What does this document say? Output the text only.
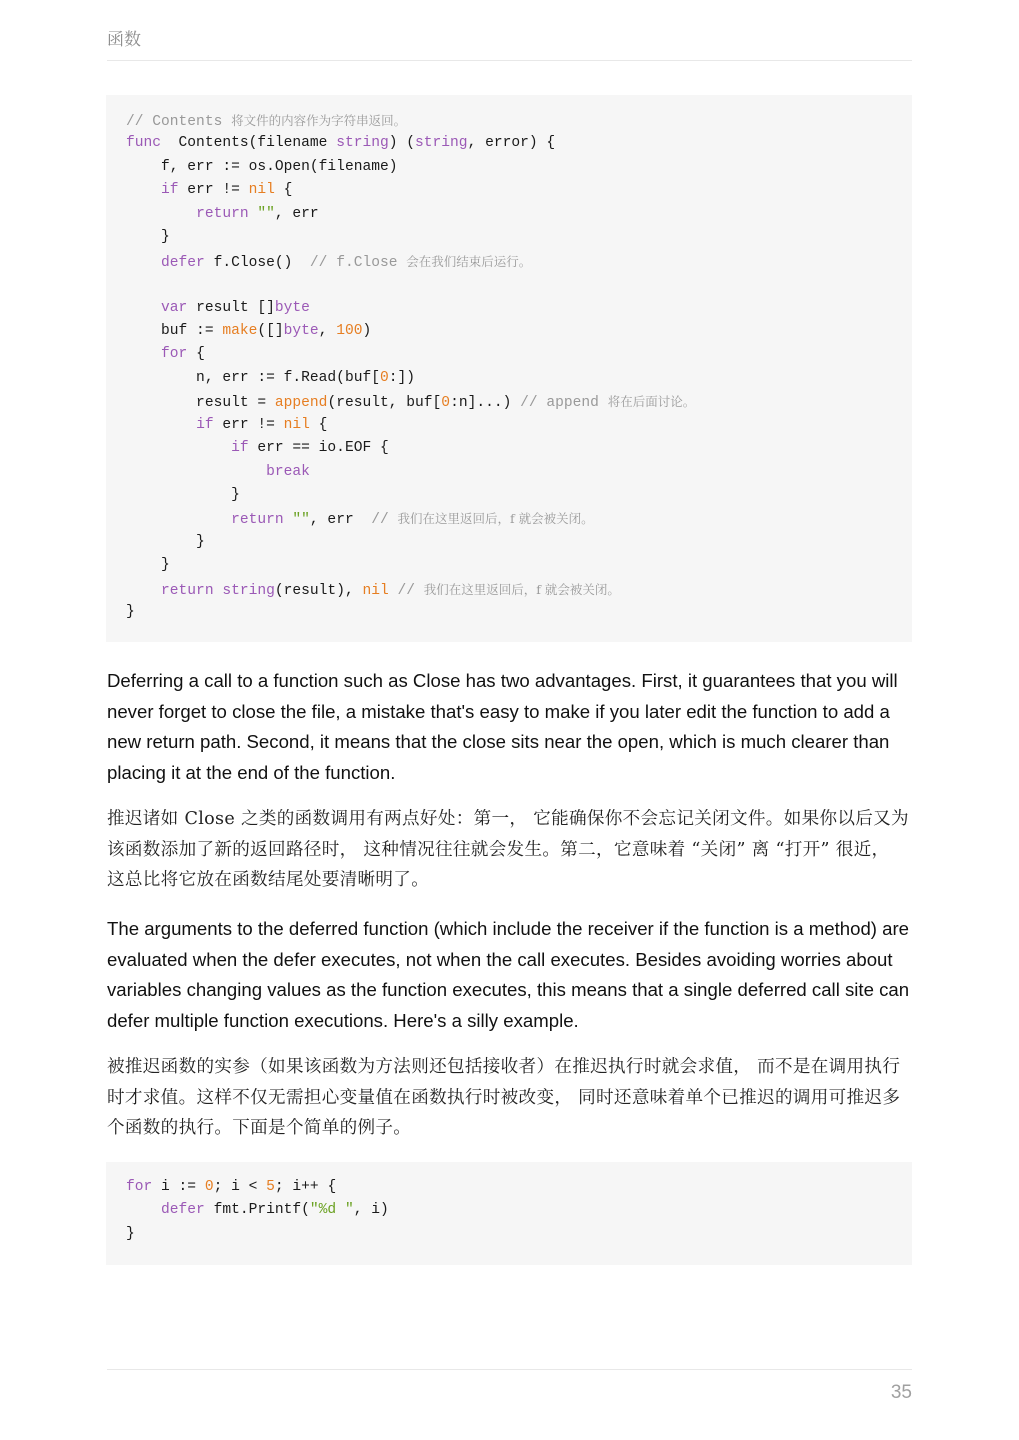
函数
// Contents 将文件的内容作为字符串返回。
func  Contents(filename string) (string, error) {
f, err := os.Open(filename)
if err != nil {
return "", err
}
defer f.Close()  // f.Close 会在我们结束后运行。
var result []byte
buf := make([]byte, 100)
for {
n, err := f.Read(buf[0:])
result = append(result, buf[0:n]...) // append 将在后面讨论。
if err != nil {
if err == io.EOF {
break
}
return "", err  // 我们在这里返回后，f 就会被关闭。
}
}
return string(result), nil // 我们在这里返回后，f 就会被关闭。
}

Deferring a call to a function such as Close has two advantages. First, it guarantees that you will never forget to close the file, a mistake that's easy to make if you later edit the function to add a new return path. Second, it means that the close sits near the open, which is much clearer than placing it at the end of the function.

推迟诸如 Close 之类的函数调用有两点好处：第一， 它能确保你不会忘记关闭文件。如果你以后又为该函数添加了新的返回路径时， 这种情况往往就会发生。第二，它意味着 “关闭” 离 “打开” 很近， 这总比将它放在函数结尾处要清晰明了。

The arguments to the deferred function (which include the receiver if the function is a method) are evaluated when the defer executes, not when the call executes. Besides avoiding worries about variables changing values as the function executes, this means that a single deferred call site can defer multiple function executions. Here's a silly example.

被推迟函数的实参（如果该函数为方法则还包括接收者）在推迟执行时就会求值， 而不是在调用执行时才求值。这样不仅无需担心变量值在函数执行时被改变， 同时还意味着单个已推迟的调用可推迟多个函数的执行。下面是个简单的例子。

for i := 0; i < 5; i++ {
defer fmt.Printf("%d ", i)
}
35
